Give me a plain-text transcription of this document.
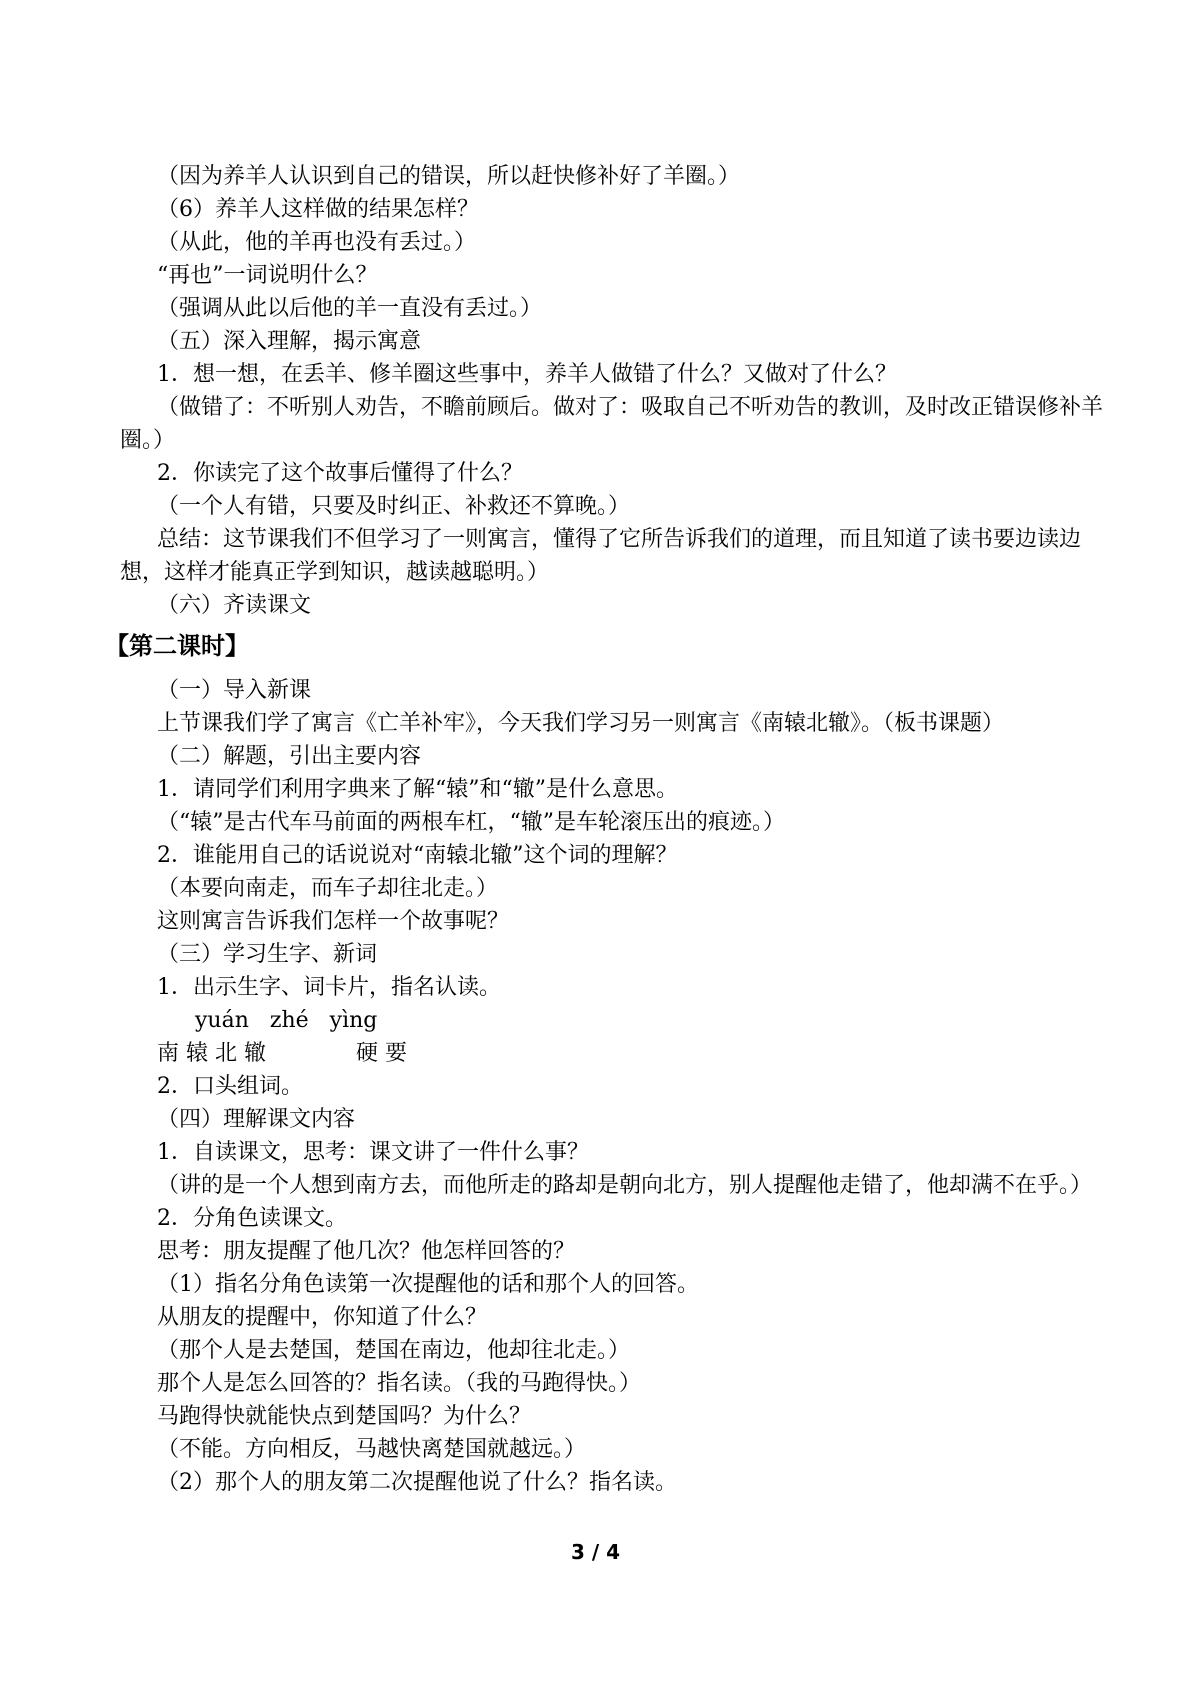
（因为养羊人认识到自己的错误，所以赶快修补好了羊圈。）
（6）养羊人这样做的结果怎样？
（从此，他的羊再也没有丢过。）
“再也”一词说明什么？
（强调从此以后他的羊一直没有丢过。）
（五）深入理解，揭示寓意
1．想一想，在丢羊、修羊圈这些事中，养羊人做错了什么？又做对了什么？
（做错了：不听别人劝告，不瞻前顾后。做对了：吸取自己不听劝告的教训，及时改正错误修补羊圈。）
2．你读完了这个故事后懂得了什么？
（一个人有错，只要及时纠正、补救还不算晚。）
总结：这节课我们不但学习了一则寓言，懂得了它所告诉我们的道理，而且知道了读书要边读边想，这样才能真正学到知识，越读越聪明。）
（六）齐读课文
【第二课时】
（一）导入新课
上节课我们学了寓言《亡羊补牢》，今天我们学习另一则寓言《南辕北辙》。（板书课题）
（二）解题，引出主要内容
1．请同学们利用字典来了解“辕”和“辙”是什么意思。
（“辕”是古代车马前面的两根车杠，“辙”是车轮滚压出的痕迹。）
2．谁能用自己的话说说对“南辕北辙”这个词的理解？
（本要向南走，而车子却往北走。）
这则寓言告诉我们怎样一个故事呢？
（三）学习生字、新词
1．出示生字、词卡片，指名认读。
yuán zhé yìng
南 辕 北 辙	硬 要
2．口头组词。
（四）理解课文内容
1．自读课文，思考：课文讲了一件什么事？
（讲的是一个人想到南方去，而他所走的路却是朝向北方，别人提醒他走错了，他却满不在乎。）
2．分角色读课文。
思考：朋友提醒了他几次？他怎样回答的？
（1）指名分角色读第一次提醒他的话和那个人的回答。
从朋友的提醒中，你知道了什么？
（那个人是去楚国，楚国在南边，他却往北走。）
那个人是怎么回答的？指名读。（我的马跑得快。）
马跑得快就能快点到楚国吗？为什么？
（不能。方向相反，马越快离楚国就越远。）
（2）那个人的朋友第二次提醒他说了什么？指名读。
3 / 4
